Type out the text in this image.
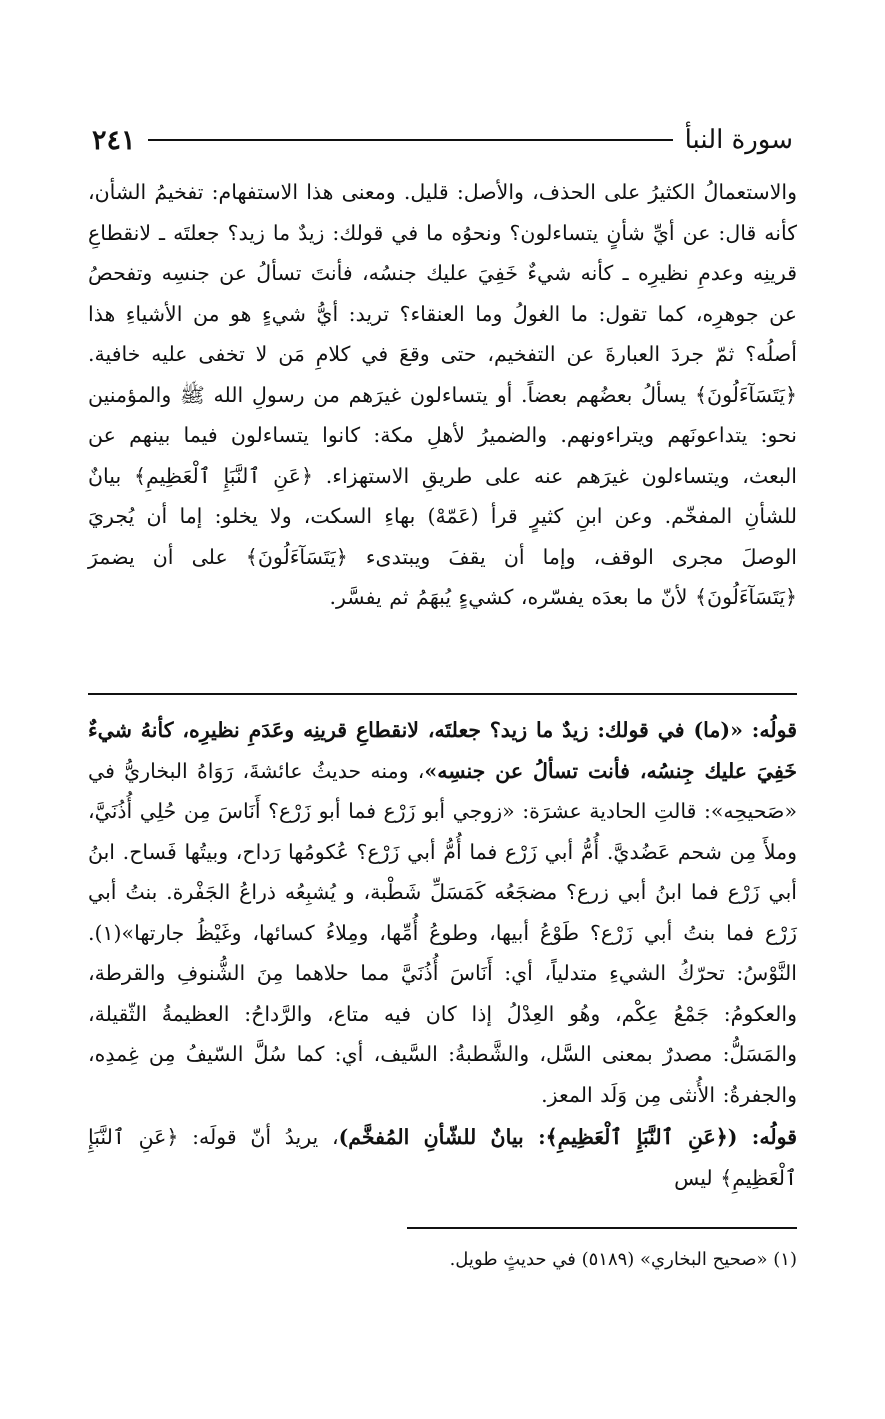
سورة النبأ
٢٤١

والاستعمالُ الكثيرُ على الحذف، والأصل: قليل. ومعنى هذا الاستفهام: تفخيمُ الشأن، كأنه قال: عن أيِّ شأنٍ يتساءلون؟ ونحوُه ما في قولك: زيدٌ ما زيد؟ جعلتَه ـ لانقطاعِ قرينِه وعدمِ نظيرِه ـ كأنه شيءٌ خَفِيَ عليك جنسُه، فأنتَ تسألُ عن جنسِه وتفحصُ عن جوهرِه، كما تقول: ما الغولُ وما العنقاء؟ تريد: أيُّ شيءٍ هو من الأشياءِ هذا أصلُه؟ ثمّ جردَ العبارةَ عن التفخيم، حتى وقعَ في كلامِ مَن لا تخفى عليه خافية. ﴿يَتَسَآءَلُونَ﴾ يسألُ بعضُهم بعضاً. أو يتساءلون غيرَهم من رسولِ الله ﷺ والمؤمنين نحو: يتداعونَهم ويتراءونهم. والضميرُ لأهلِ مكة: كانوا يتساءلون فيما بينهم عن البعث، ويتساءلون غيرَهم عنه على طريقِ الاستهزاء. ﴿عَنِ ٱلنَّبَإِ ٱلْعَظِيمِ﴾ بيانٌ للشأنِ المفخّم. وعن ابنِ كثيرٍ قرأ (عَمّهْ) بهاءِ السكت، ولا يخلو: إما أن يُجريَ الوصلَ مجرى الوقف، وإما أن يقفَ ويبتدىء ﴿يَتَسَآءَلُونَ﴾ على أن يضمرَ ﴿يَتَسَآءَلُونَ﴾ لأنّ ما بعدَه يفسّره، كشيءٍ يُبهَمُ ثم يفسَّر.

قولُه: «(ما) في قولك: زيدٌ ما زيد؟ جعلتَه، لانقطاعِ قرينِه وعَدَمِ نظيرِه، كأنهُ شيءٌ خَفِيَ عليك جِنسُه، فأنت تسألُ عن جنسِه»، ومنه حديثُ عائشةَ، رَوَاهُ البخاريُّ في «صَحيحِه»: قالتِ الحادية عشرَة: «زوجي أبو زَرْع فما أبو زَرْع؟ أَنَاسَ مِن حُلِي أُذُنَيَّ، وملأَ مِن شحم عَضُديَّ. أُمُّ أبي زَرْع فما أُمُّ أبي زَرْع؟ عُكومُها رَداح، وبيتُها فَساح. ابنُ أبي زَرْع فما ابنُ أبي زرع؟ مضجَعُه كَمَسَلِّ شَطْبة، و يُشبِعُه ذراعُ الجَفْرة. بنتُ أبي زَرْع فما بنتُ أبي زَرْع؟ طَوْعُ أبيها، وطوعُ أُمِّها، ومِلاءُ كسائها، وغَيْظُ جارتها»(١). النَّوْسُ: تحرّكُ الشيءِ متدلياً، أي: أَنَاسَ أُذُنَيَّ مما حلاهما مِنَ الشُّنوفِ والقرطة، والعكومُ: جَمْعُ عِكْم، وهُو العِدْلُ إذا كان فيه متاع، والرَّداحُ: العظيمةُ الثّقيلة، والمَسَلُّ: مصدرٌ بمعنى السَّل، والشَّطبةُ: السَّيف، أي: كما سُلَّ السّيفُ مِن غِمدِه، والجفرةُ: الأُنثى مِن وَلَد المعز.

قولُه: (﴿عَنِ ٱلنَّبَإِ ٱلْعَظِيمِ﴾: بيانٌ للشّأنِ المُفخَّم)، يريدُ أنّ قولَه: ﴿عَنِ ٱلنَّبَإِ ٱلْعَظِيمِ﴾ ليس

(١) «صحيح البخاري» (٥١٨٩) في حديثٍ طويل.
